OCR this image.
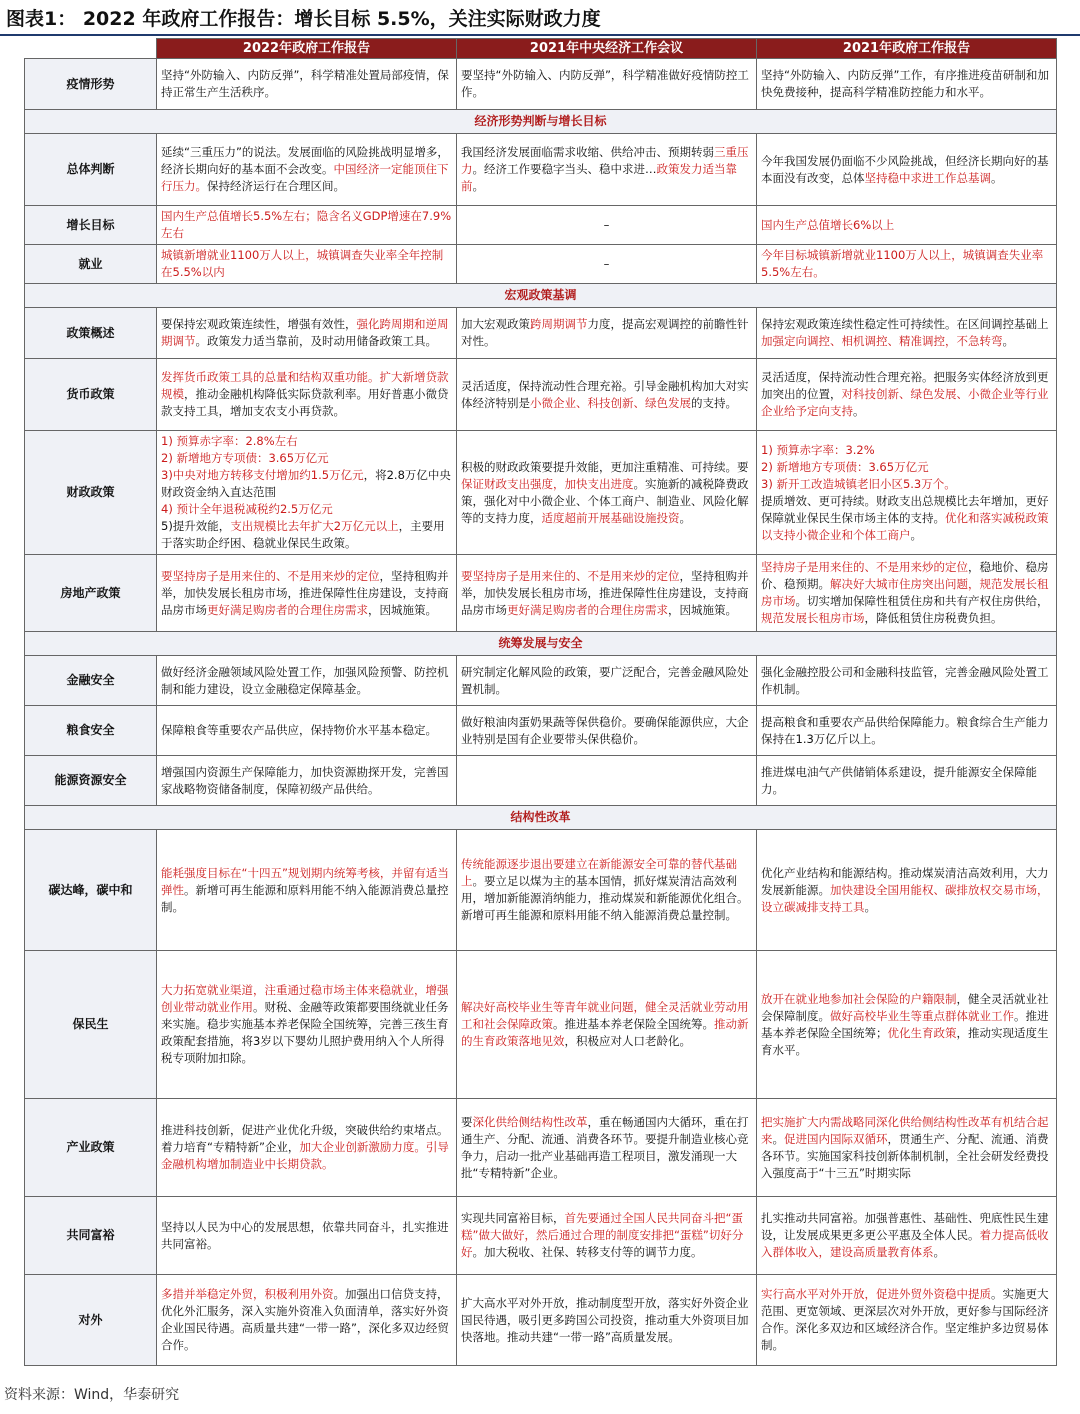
图表1： 2022 年政府工作报告：增长目标 5.5%，关注实际财政力度
	2022年政府工作报告	2021年中央经济工作会议	2021年政府工作报告
疫情形势	坚持“外防输入、内防反弹”，科学精准处置局部疫情，保持正常生产生活秩序。	要坚持“外防输入、内防反弹”，科学精准做好疫情防控工作。	坚持“外防输入、内防反弹”工作，有序推进疫苗研制和加快免费接种，提高科学精准防控能力和水平。
经济形势判断与增长目标			
总体判断	延续“三重压力”的说法。发展面临的风险挑战明显增多，经济长期向好的基本面不会改变。中国经济一定能顶住下行压力。保持经济运行在合理区间。	我国经济发展面临需求收缩、供给冲击、预期转弱三重压力。经济工作要稳字当头、稳中求进…政策发力适当靠前。	今年我国发展仍面临不少风险挑战，但经济长期向好的基本面没有改变，总体坚持稳中求进工作总基调。
增长目标	国内生产总值增长5.5%左右；隐含名义GDP增速在7.9%左右	–	国内生产总值增长6%以上
就业	城镇新增就业1100万人以上，城镇调查失业率全年控制在5.5%以内	–	今年目标城镇新增就业1100万人以上，城镇调查失业率5.5%左右。
宏观政策基调			
政策概述	要保持宏观政策连续性，增强有效性，强化跨周期和逆周期调节。政策发力适当靠前，及时动用储备政策工具。	加大宏观政策跨周期调节力度，提高宏观调控的前瞻性针对性。	保持宏观政策连续性稳定性可持续性。在区间调控基础上加强定向调控、相机调控、精准调控，不急转弯。
货币政策	发挥货币政策工具的总量和结构双重功能。扩大新增贷款规模，推动金融机构降低实际贷款利率。用好普惠小微贷款支持工具，增加支农支小再贷款。	灵活适度，保持流动性合理充裕。引导金融机构加大对实体经济特别是小微企业、科技创新、绿色发展的支持。	灵活适度，保持流动性合理充裕。把服务实体经济放到更加突出的位置，对科技创新、绿色发展、小微企业等行业企业给予定向支持。
财政政策	1) 预算赤字率：2.8%左右
2) 新增地方专项债：3.65万亿元
3)中央对地方转移支付增加约1.5万亿元，将2.8万亿中央财政资金纳入直达范围
4) 预计全年退税减税约2.5万亿元
5)提升效能，支出规模比去年扩大2万亿元以上，主要用于落实助企纾困、稳就业保民生政策。	积极的财政政策要提升效能，更加注重精准、可持续。要保证财政支出强度，加快支出进度。实施新的减税降费政策，强化对中小微企业、个体工商户、制造业、风险化解等的支持力度，适度超前开展基础设施投资。	1) 预算赤字率：3.2%
2) 新增地方专项债：3.65万亿元
3) 新开工改造城镇老旧小区5.3万个。
提质增效、更可持续。财政支出总规模比去年增加，更好保障就业保民生保市场主体的支持。优化和落实减税政策以支持小微企业和个体工商户。
房地产政策	要坚持房子是用来住的、不是用来炒的定位，坚持租购并举，加快发展长租房市场，推进保障性住房建设，支持商品房市场更好满足购房者的合理住房需求，因城施策。	要坚持房子是用来住的、不是用来炒的定位，坚持租购并举，加快发展长租房市场，推进保障性住房建设，支持商品房市场更好满足购房者的合理住房需求，因城施策。	坚持房子是用来住的、不是用来炒的定位，稳地价、稳房价、稳预期。解决好大城市住房突出问题，规范发展长租房市场。切实增加保障性租赁住房和共有产权住房供给，规范发展长租房市场，降低租赁住房税费负担。
统筹发展与安全			
金融安全	做好经济金融领域风险处置工作，加强风险预警、防控机制和能力建设，设立金融稳定保障基金。	研究制定化解风险的政策，要广泛配合，完善金融风险处置机制。	强化金融控股公司和金融科技监管，完善金融风险处置工作机制。
粮食安全	保障粮食等重要农产品供应，保持物价水平基本稳定。	做好粮油肉蛋奶果蔬等保供稳价。要确保能源供应，大企业特别是国有企业要带头保供稳价。	提高粮食和重要农产品供给保障能力。粮食综合生产能力保持在1.3万亿斤以上。
能源资源安全	增强国内资源生产保障能力，加快资源勘探开发，完善国家战略物资储备制度，保障初级产品供给。		推进煤电油气产供储销体系建设，提升能源安全保障能力。
结构性改革			
碳达峰，碳中和	能耗强度目标在“十四五”规划期内统筹考核，并留有适当弹性。新增可再生能源和原料用能不纳入能源消费总量控制。	传统能源逐步退出要建立在新能源安全可靠的替代基础上。要立足以煤为主的基本国情，抓好煤炭清洁高效利用，增加新能源消纳能力，推动煤炭和新能源优化组合。新增可再生能源和原料用能不纳入能源消费总量控制。	优化产业结构和能源结构。推动煤炭清洁高效利用，大力发展新能源。加快建设全国用能权、碳排放权交易市场，设立碳减排支持工具。
保民生	大力拓宽就业渠道，注重通过稳市场主体来稳就业，增强创业带动就业作用。财税、金融等政策都要围绕就业任务来实施。稳步实施基本养老保险全国统筹，完善三孩生育政策配套措施，将3岁以下婴幼儿照护费用纳入个人所得税专项附加扣除。	解决好高校毕业生等青年就业问题，健全灵活就业劳动用工和社会保障政策。推进基本养老保险全国统筹。推动新的生育政策落地见效，积极应对人口老龄化。	放开在就业地参加社会保险的户籍限制，健全灵活就业社会保障制度。做好高校毕业生等重点群体就业工作。推进基本养老保险全国统筹；优化生育政策，推动实现适度生育水平。
产业政策	推进科技创新，促进产业优化升级，突破供给约束堵点。着力培育“专精特新”企业，加大企业创新激励力度。引导金融机构增加制造业中长期贷款。	要深化供给侧结构性改革，重在畅通国内大循环，重在打通生产、分配、流通、消费各环节。要提升制造业核心竞争力，启动一批产业基础再造工程项目，激发涌现一大批“专精特新”企业。	把实施扩大内需战略同深化供给侧结构性改革有机结合起来。促进国内国际双循环，贯通生产、分配、流通、消费各环节。实施国家科技创新体制机制，全社会研发经费投入强度高于“十三五”时期实际
共同富裕	坚持以人民为中心的发展思想，依靠共同奋斗，扎实推进共同富裕。	实现共同富裕目标，首先要通过全国人民共同奋斗把“蛋糕”做大做好，然后通过合理的制度安排把“蛋糕”切好分好。加大税收、社保、转移支付等的调节力度。	扎实推动共同富裕。加强普惠性、基础性、兜底性民生建设，让发展成果更多更公平惠及全体人民。着力提高低收入群体收入，建设高质量教育体系。
对外	多措并举稳定外贸，积极利用外资。加强出口信贷支持，优化外汇服务，深入实施外资准入负面清单，落实好外资企业国民待遇。高质量共建“一带一路”，深化多双边经贸合作。	扩大高水平对外开放，推动制度型开放，落实好外资企业国民待遇，吸引更多跨国公司投资，推动重大外资项目加快落地。推动共建“一带一路”高质量发展。	实行高水平对外开放，促进外贸外资稳中提质。实施更大范围、更宽领域、更深层次对外开放，更好参与国际经济合作。深化多双边和区域经济合作。坚定维护多边贸易体制。
资料来源：Wind，华泰研究
